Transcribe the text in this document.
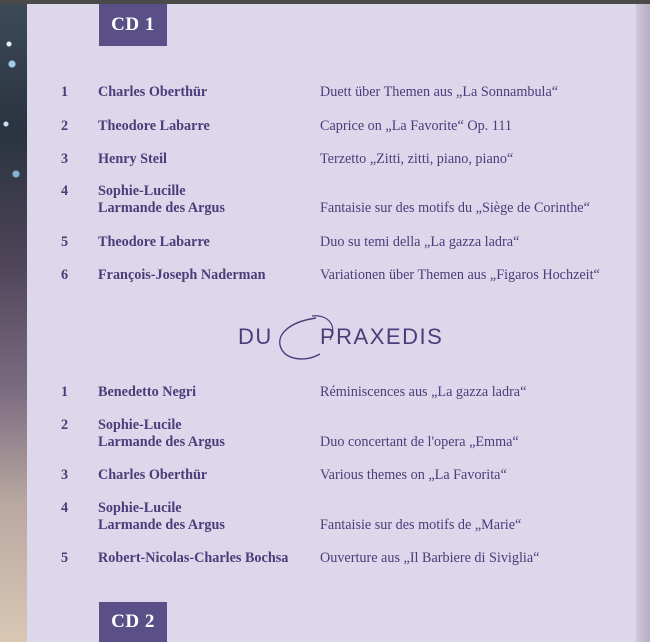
CD 1
1	Charles Oberthür	Duett über Themen aus „La Sonnambula“
2	Theodore Labarre	Caprice on „La Favorite“ Op. 111
3	Henry Steil	Terzetto „Zitti, zitti, piano, piano“
4	Sophie-Lucille
Larmande des Argus	Fantaisie sur des motifs du „Siège de Corinthe“
5	Theodore Labarre	Duo su temi della „La gazza ladra“
6	François-Joseph Naderman	Variationen über Themen aus „Figaros Hochzeit“
DU PRAXEDIS
1	Benedetto Negri	Réminiscences aus „La gazza ladra“
2	Sophie-Lucile
Larmande des Argus	Duo concertant de l'opera „Emma“
3	Charles Oberthür	Various themes on „La Favorita“
4	Sophie-Lucile
Larmande des Argus	Fantaisie sur des motifs de „Marie“
5	Robert-Nicolas-Charles Bochsa	Ouverture aus „Il Barbiere di Siviglia“
CD 2
